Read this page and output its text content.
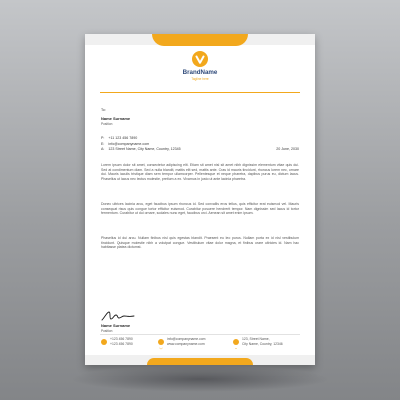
BrandName
Tagline here
To:
Name Surname
Position
P: +11 123 456 7890
E: info@companyname.com
A: 123 Street Name, City Name, Country, 12345	20 June, 2030
Lorem ipsum dolor sit amet, consectetur adipiscing elit. Etiam sit amet nisl sit amet nibh dignissim elementum vitae quis dui. Sed at condimentum diam. Sed a nulla blandit, mattis elit sed, mattis ante. Cras id mauris tincidunt, rhoncus lorem nec, ornare dui. Mauris iaculis tristique diam sem tempor ullamcorper. Pellentesque et neque pharetra, dapibus purus eu, dictum lacus. Phasellus ut lacus nec lectus molestie, pretium a ex. Vivamus in justo ut ante lacinia pharetra.
Donec ultrices lacinia arcu, eget faucibus ipsum rhoncus id. Sed convallis eros tellus, quis efficitur erat euismod vel. Mauris consequat risus quis congue tortor efficitur euismod. Curabitur posuere hendrerit tempor. Nam dignissim sed lacus id tortor fermentum. Curabitur ut dui ornare, sodales nunc eget, faucibus orci. Aenean sit amet enim ipsum.
Phasellus id dui arcu. Nullam finibus nisl quis egestas blandit. Praesent eu leo purus. Nullam porta ex id nisl vestibulum tincidunt. Quisque molestie nibh a volutpat congue. Vestibulum vitae dolor magna, et finibus orare ultricies id. Nam hac habitasse platea dictumst.
Name Surname
Position
+123 456 7890
+123 456 7890
info@companyname.com
www.companyname.com
123, Street Name,
City Name, Country, 12346
